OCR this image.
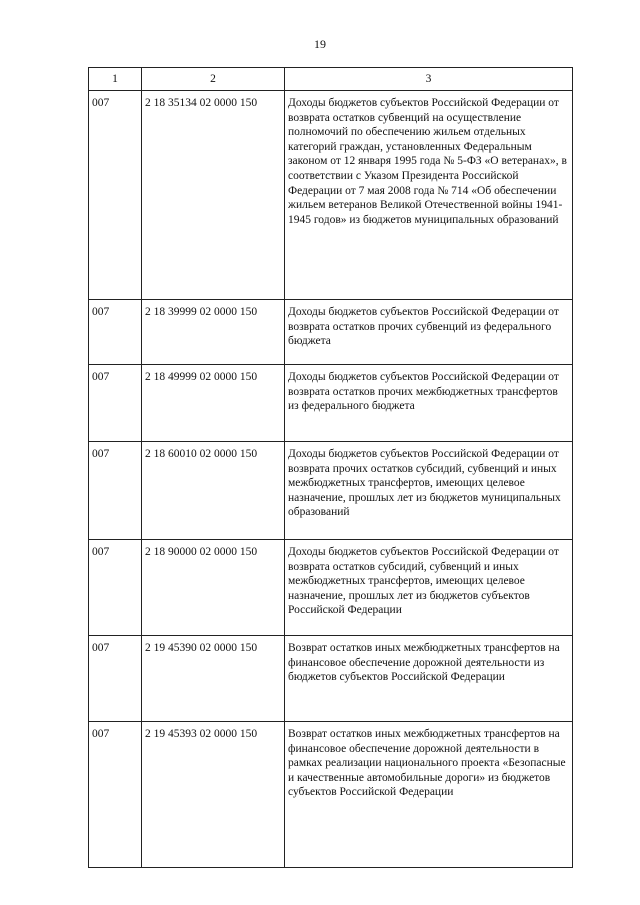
19
1	2	3
007	2 18 35134 02 0000 150	Доходы бюджетов субъектов Российской Федерации от возврата остатков субвенций на осуществление полномочий по обеспечению жильем отдельных категорий граждан, установленных Федеральным законом от 12 января 1995 года № 5-ФЗ «О ветеранах», в соответствии с Указом Президента Российской Федерации от 7 мая 2008 года № 714 «Об обеспечении жильем ветеранов Великой Отечественной войны 1941-1945 годов» из бюджетов муниципальных образований
007	2 18 39999 02 0000 150	Доходы бюджетов субъектов Российской Федерации от возврата остатков прочих субвенций из федерального бюджета
007	2 18 49999 02 0000 150	Доходы бюджетов субъектов Российской Федерации от возврата остатков прочих межбюджетных трансфертов из федерального бюджета
007	2 18 60010 02 0000 150	Доходы бюджетов субъектов Российской Федерации от возврата прочих остатков субсидий, субвенций и иных межбюджетных трансфертов, имеющих целевое назначение, прошлых лет из бюджетов муниципальных образований
007	2 18 90000 02 0000 150	Доходы бюджетов субъектов Российской Федерации от возврата остатков субсидий, субвенций и иных межбюджетных трансфертов, имеющих целевое назначение, прошлых лет из бюджетов субъектов Российской Федерации
007	2 19 45390 02 0000 150	Возврат остатков иных межбюджетных трансфертов на финансовое обеспечение дорожной деятельности из бюджетов субъектов Российской Федерации
007	2 19 45393 02 0000 150	Возврат остатков иных межбюджетных трансфертов на финансовое обеспечение дорожной деятельности в рамках реализации национального проекта «Безопасные и качественные автомобильные дороги» из бюджетов субъектов Российской Федерации
